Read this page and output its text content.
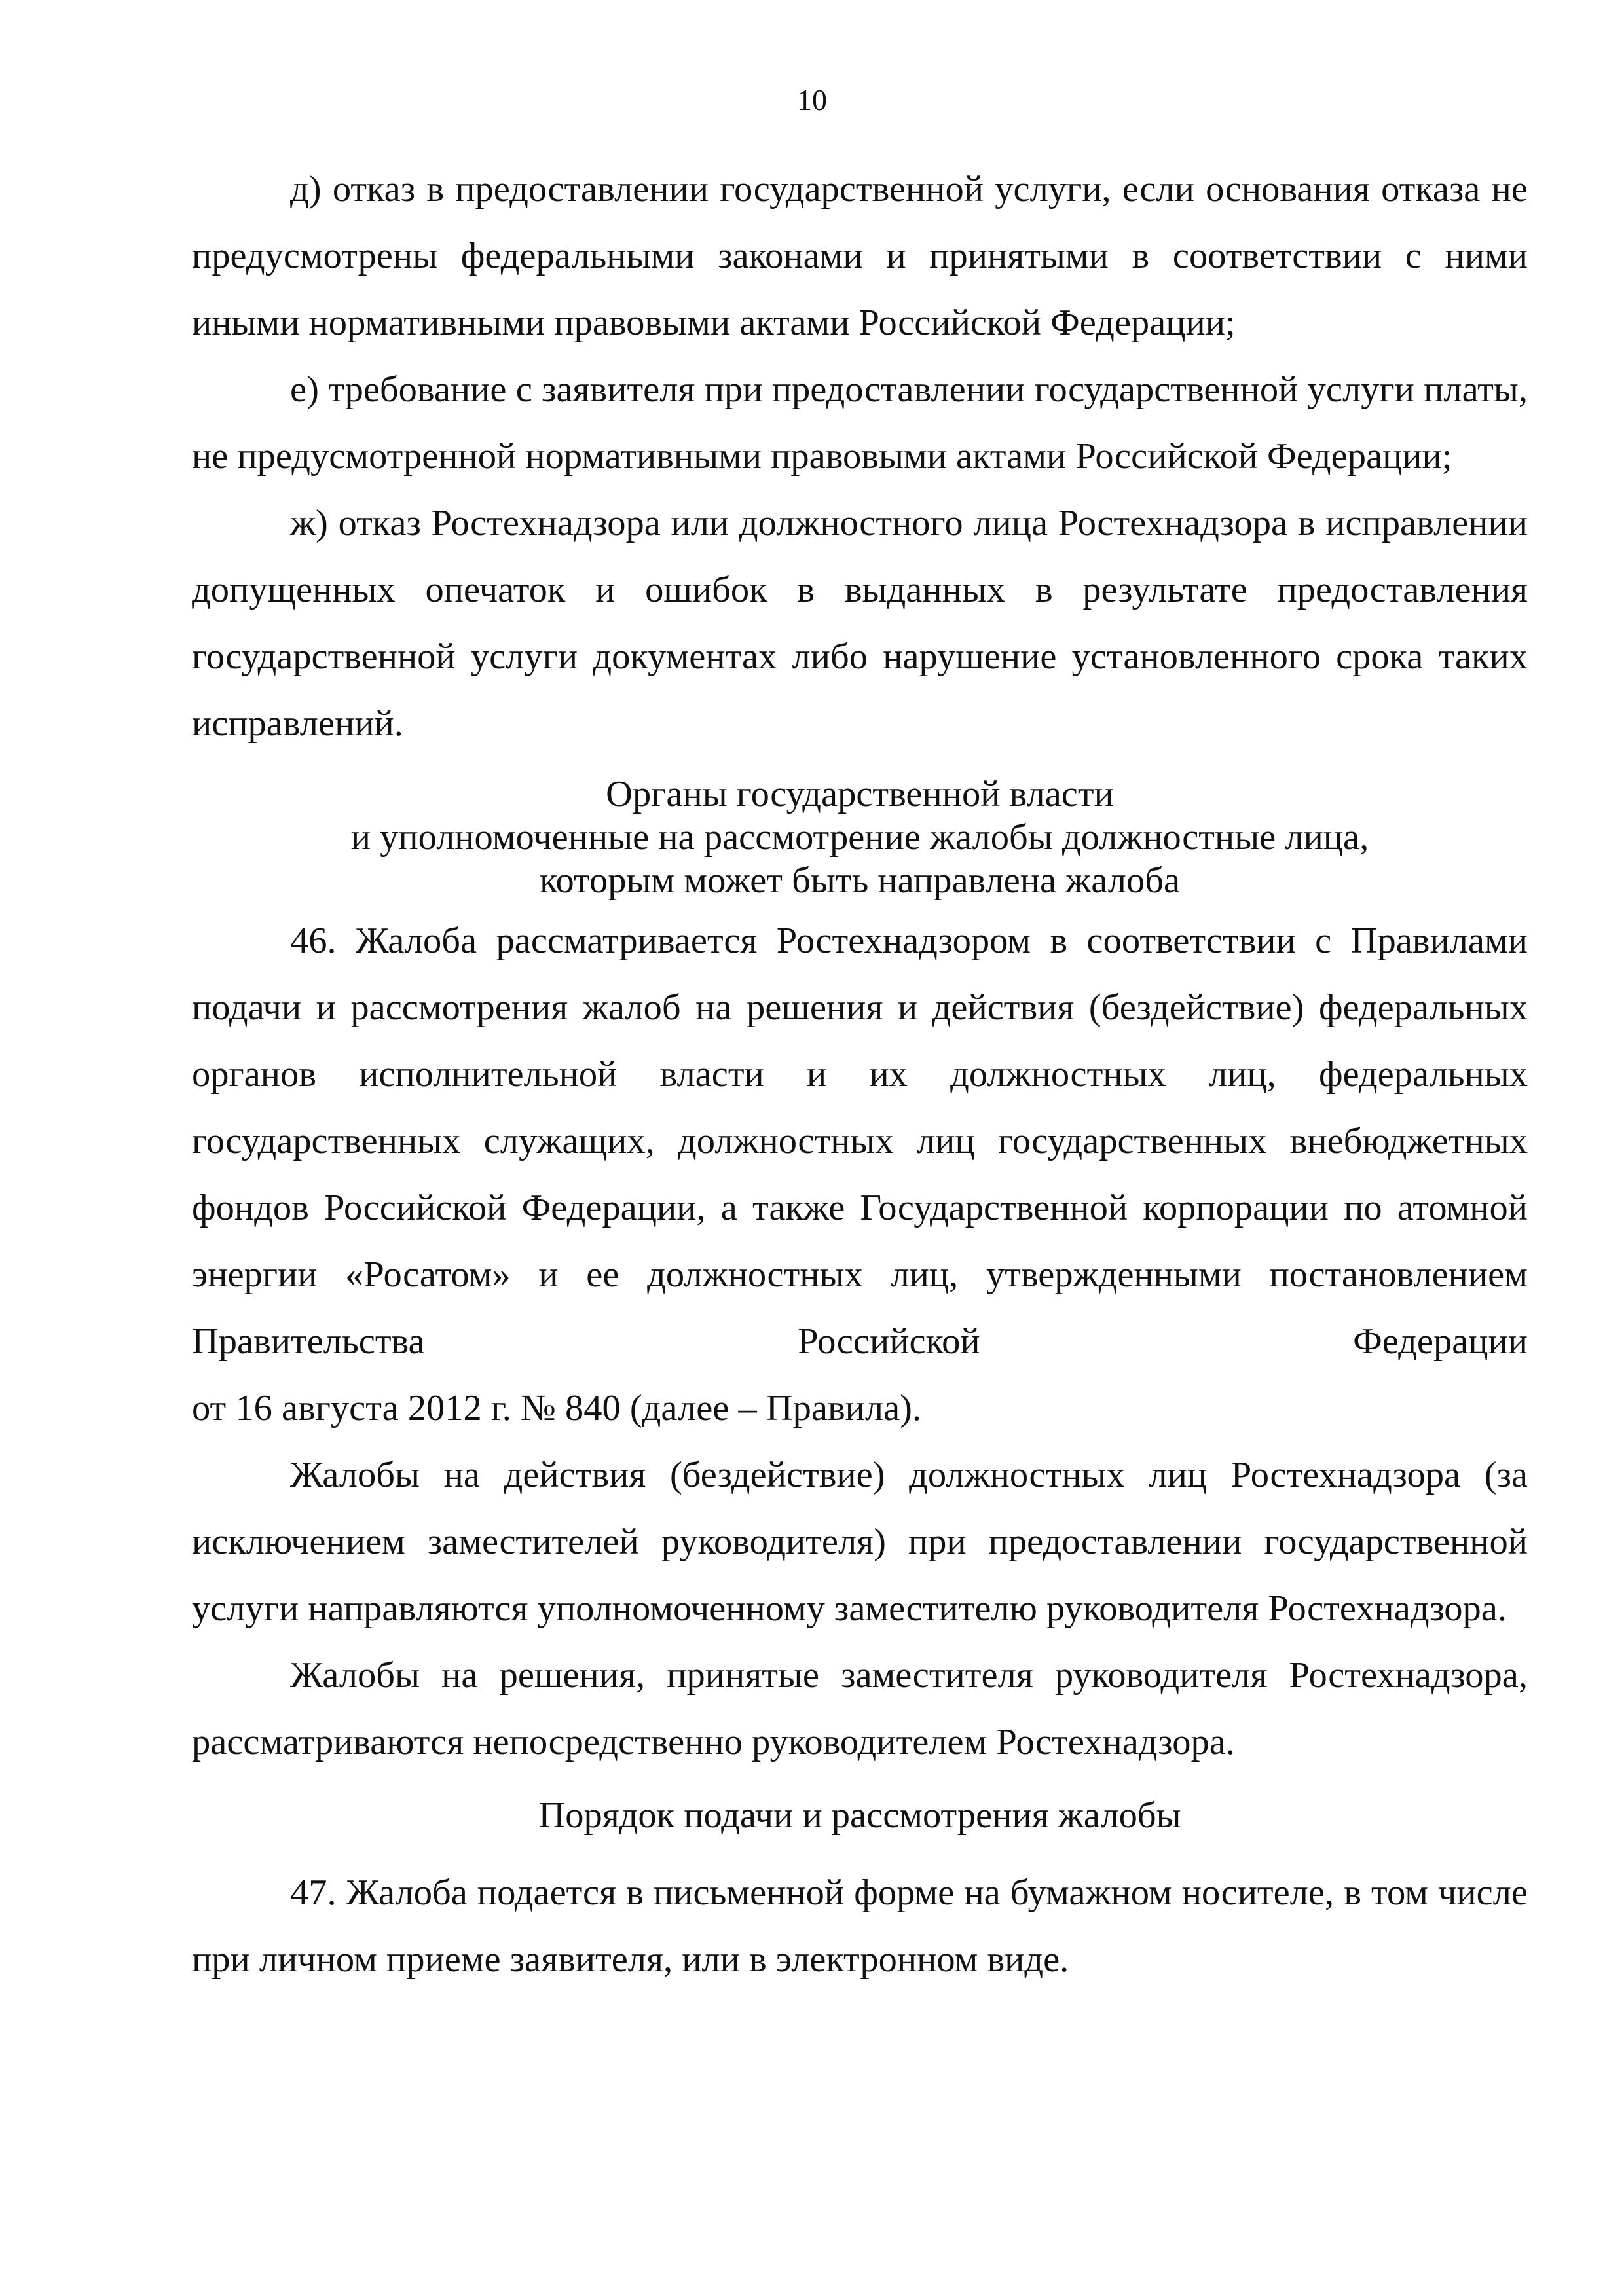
10

д) отказ в предоставлении государственной услуги, если основания отказа не предусмотрены федеральными законами и принятыми в соответствии с ними иными нормативными правовыми актами Российской Федерации;

е) требование с заявителя при предоставлении государственной услуги платы, не предусмотренной нормативными правовыми актами Российской Федерации;

ж) отказ Ростехнадзора или должностного лица Ростехнадзора в исправлении допущенных опечаток и ошибок в выданных в результате предоставления государственной услуги документах либо нарушение установленного срока таких исправлений.

Органы государственной власти

и уполномоченные на рассмотрение жалобы должностные лица,

которым может быть направлена жалоба

46. Жалоба рассматривается Ростехнадзором в соответствии с Правилами подачи и рассмотрения жалоб на решения и действия (бездействие) федеральных органов исполнительной власти и их должностных лиц, федеральных государственных служащих, должностных лиц государственных внебюджетных фондов Российской Федерации, а также Государственной корпорации по атомной энергии «Росатом» и ее должностных лиц, утвержденными постановлением Правительства Российской Федерации

от 16 августа 2012 г. № 840 (далее – Правила).

Жалобы на действия (бездействие) должностных лиц Ростехнадзора (за исключением заместителей руководителя) при предоставлении государственной услуги направляются уполномоченному заместителю руководителя Ростехнадзора.

Жалобы на решения, принятые заместителя руководителя Ростехнадзора, рассматриваются непосредственно руководителем Ростехнадзора.

Порядок подачи и рассмотрения жалобы

47. Жалоба подается в письменной форме на бумажном носителе, в том числе при личном приеме заявителя, или в электронном виде.
